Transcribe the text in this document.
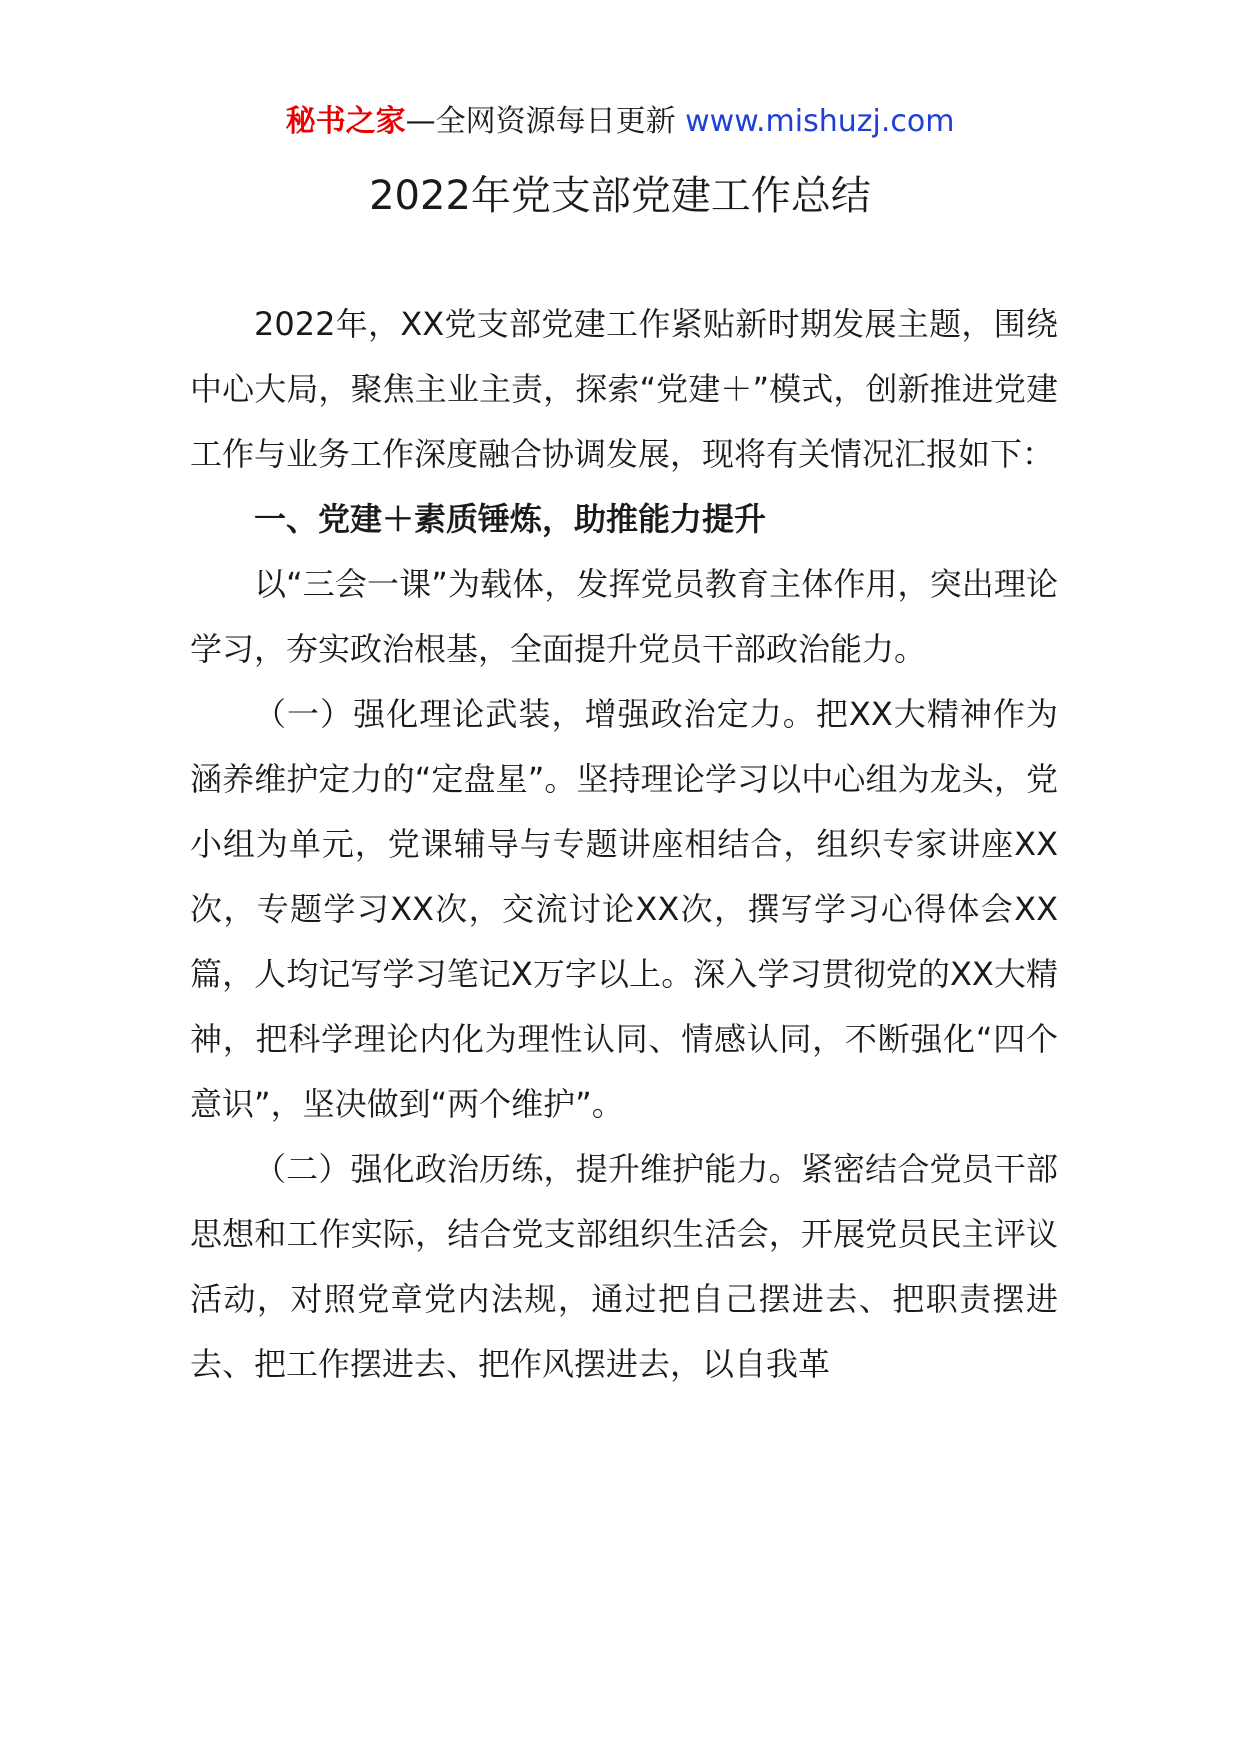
秘书之家—全网资源每日更新 www.mishuzj.com
2022年党支部党建工作总结

2022年，XX党支部党建工作紧贴新时期发展主题，围绕中心大局，聚焦主业主责，探索“党建＋”模式，创新推进党建工作与业务工作深度融合协调发展，现将有关情况汇报如下：

一、党建＋素质锤炼，助推能力提升

以“三会一课”为载体，发挥党员教育主体作用，突出理论学习，夯实政治根基，全面提升党员干部政治能力。

（一）强化理论武装，增强政治定力。把XX大精神作为涵养维护定力的“定盘星”。坚持理论学习以中心组为龙头，党小组为单元，党课辅导与专题讲座相结合，组织专家讲座XX次，专题学习XX次，交流讨论XX次，撰写学习心得体会XX篇，人均记写学习笔记X万字以上。深入学习贯彻党的XX大精神，把科学理论内化为理性认同、情感认同，不断强化“四个意识”，坚决做到“两个维护”。

（二）强化政治历练，提升维护能力。紧密结合党员干部思想和工作实际，结合党支部组织生活会，开展党员民主评议活动，对照党章党内法规，通过把自己摆进去、把职责摆进去、把工作摆进去、把作风摆进去，以自我革
